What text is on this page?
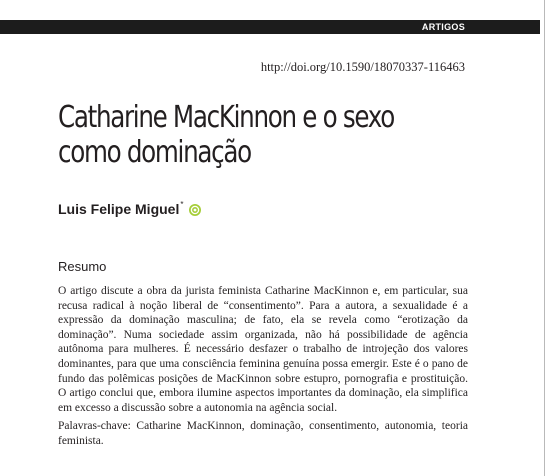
ARTIGOS
http://doi.org/10.1590/18070337-116463
Catharine MacKinnon e o sexo como dominação
Luis Felipe Miguel*
Resumo

O artigo discute a obra da jurista feminista Catharine MacKinnon e, em particular, sua recusa radical à noção liberal de “consentimento”. Para a autora, a sexualidade é a expressão da dominação masculina; de fato, ela se revela como “erotização da dominação”. Numa sociedade assim organizada, não há possibilidade de agência autônoma para mulheres. É necessário desfazer o trabalho de introjeção dos valores dominantes, para que uma consciência feminina genuína possa emergir. Este é o pano de fundo das polêmicas posições de MacKinnon sobre estupro, pornografia e prostituição. O artigo conclui que, embora ilumine aspectos importantes da dominação, ela simplifica em excesso a discussão sobre a autonomia na agência social.

Palavras-chave: Catharine MacKinnon, dominação, consentimento, autonomia, teoria feminista.
